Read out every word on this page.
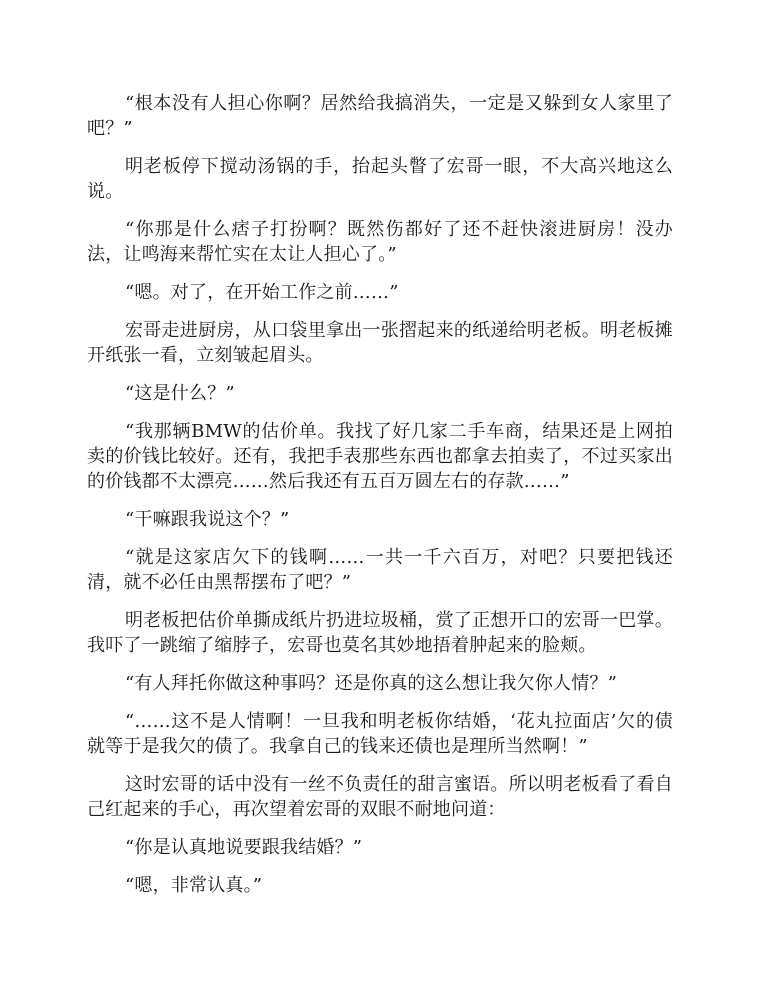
“根本没有人担心你啊？居然给我搞消失，一定是又躲到女人家里了吧？”

明老板停下搅动汤锅的手，抬起头瞥了宏哥一眼，不大高兴地这么说。

“你那是什么痞子打扮啊？既然伤都好了还不赶快滚进厨房！没办法，让鸣海来帮忙实在太让人担心了。”

“嗯。对了，在开始工作之前……”

宏哥走进厨房，从口袋里拿出一张摺起来的纸递给明老板。明老板摊开纸张一看，立刻皱起眉头。

“这是什么？”

“我那辆BMW的估价单。我找了好几家二手车商，结果还是上网拍卖的价钱比较好。还有，我把手表那些东西也都拿去拍卖了，不过买家出的价钱都不太漂亮……然后我还有五百万圆左右的存款……”

“干嘛跟我说这个？”

“就是这家店欠下的钱啊……一共一千六百万，对吧？只要把钱还清，就不必任由黑帮摆布了吧？”

明老板把估价单撕成纸片扔进垃圾桶，赏了正想开口的宏哥一巴掌。我吓了一跳缩了缩脖子，宏哥也莫名其妙地捂着肿起来的脸颊。

“有人拜托你做这种事吗？还是你真的这么想让我欠你人情？”

“……这不是人情啊！一旦我和明老板你结婚，‘花丸拉面店’欠的债就等于是我欠的债了。我拿自己的钱来还债也是理所当然啊！”

这时宏哥的话中没有一丝不负责任的甜言蜜语。所以明老板看了看自己红起来的手心，再次望着宏哥的双眼不耐地问道：

“你是认真地说要跟我结婚？”

“嗯，非常认真。”
